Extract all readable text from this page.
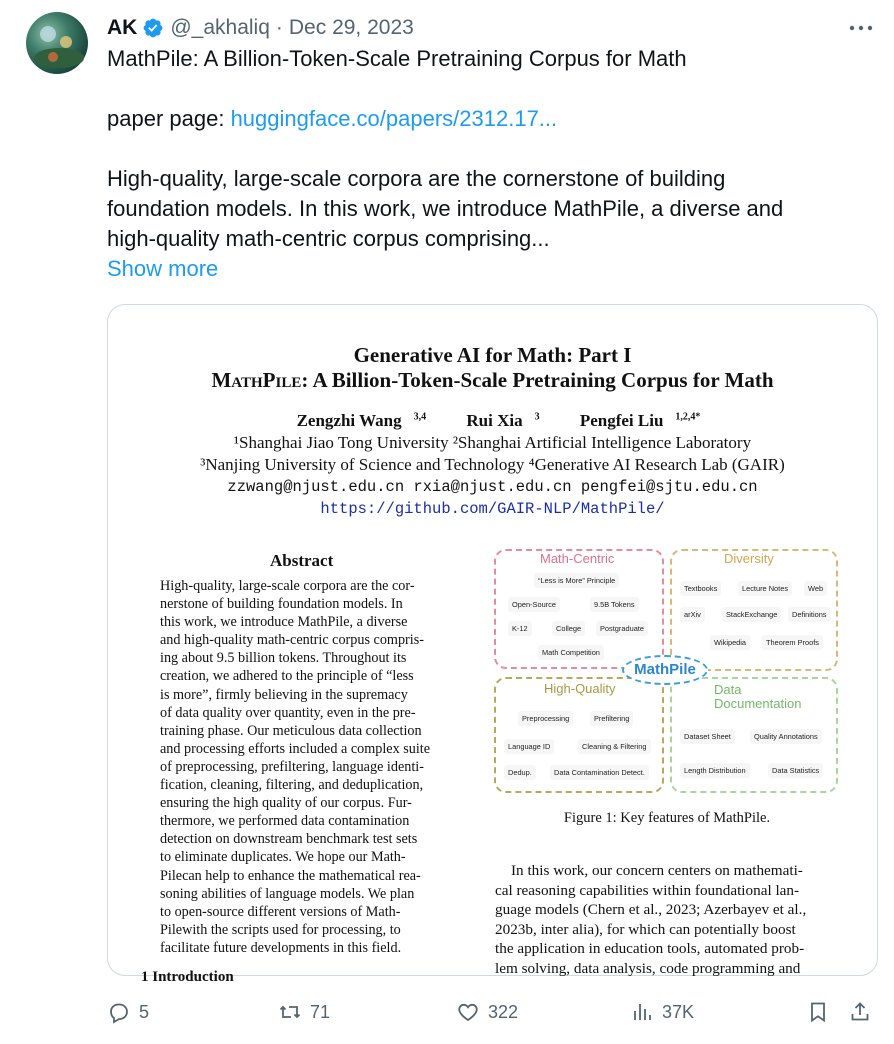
AK @_akhaliq · Dec 29, 2023
MathPile: A Billion-Token-Scale Pretraining Corpus for Math
paper page: huggingface.co/papers/2312.17...
High-quality, large-scale corpora are the cornerstone of building
foundation models. In this work, we introduce MathPile, a diverse and
high-quality math-centric corpus comprising...
Show more
Generative AI for Math: Part I
MathPile: A Billion-Token-Scale Pretraining Corpus for Math
Zengzhi Wang $^{3,4}$ Rui Xia $^3$ Pengfei Liu $^{1,2,4*}$
¹Shanghai Jiao Tong University ²Shanghai Artificial Intelligence Laboratory
³Nanjing University of Science and Technology ⁴Generative AI Research Lab (GAIR)
zzwang@njust.edu.cn rxia@njust.edu.cn pengfei@sjtu.edu.cn
https://github.com/GAIR-NLP/MathPile/
Abstract
High-quality, large-scale corpora are the cor-
nerstone of building foundation models. In
this work, we introduce MathPile, a diverse
and high-quality math-centric corpus compris-
ing about 9.5 billion tokens. Throughout its
creation, we adhered to the principle of “less
is more”, firmly believing in the supremacy
of data quality over quantity, even in the pre-
training phase. Our meticulous data collection
and processing efforts included a complex suite
of preprocessing, prefiltering, language identi-
fication, cleaning, filtering, and deduplication,
ensuring the high quality of our corpus. Fur-
thermore, we performed data contamination
detection on downstream benchmark test sets
to eliminate duplicates. We hope our Math-
Pilecan help to enhance the mathematical rea-
soning abilities of language models. We plan
to open-source different versions of Math-
Pilewith the scripts used for processing, to
facilitate future developments in this field.
1 Introduction
Math-Centric
“Less is More” Principle
Open-Source	9.5B Tokens
K-12	College	Postgraduate
Math Competition
Diversity
Textbooks	Lecture Notes	Web
arXiv	StackExchange	Definitions
Wikipedia	Theorem Proofs
MathPile
High-Quality
Preprocessing	Prefiltering
Language ID	Cleaning & Filtering
Dedup.	Data Contamination Detect.
Data
Documentation
Dataset Sheet	Quality Annotations
Length Distribution	Data Statistics
Figure 1: Key features of MathPile.
In this work, our concern centers on mathemati-
cal reasoning capabilities within foundational lan-
guage models (Chern et al., 2023; Azerbayev et al.,
2023b, inter alia), for which can potentially boost
the application in education tools, automated prob-
lem solving, data analysis, code programming and
5	71	322	37K
